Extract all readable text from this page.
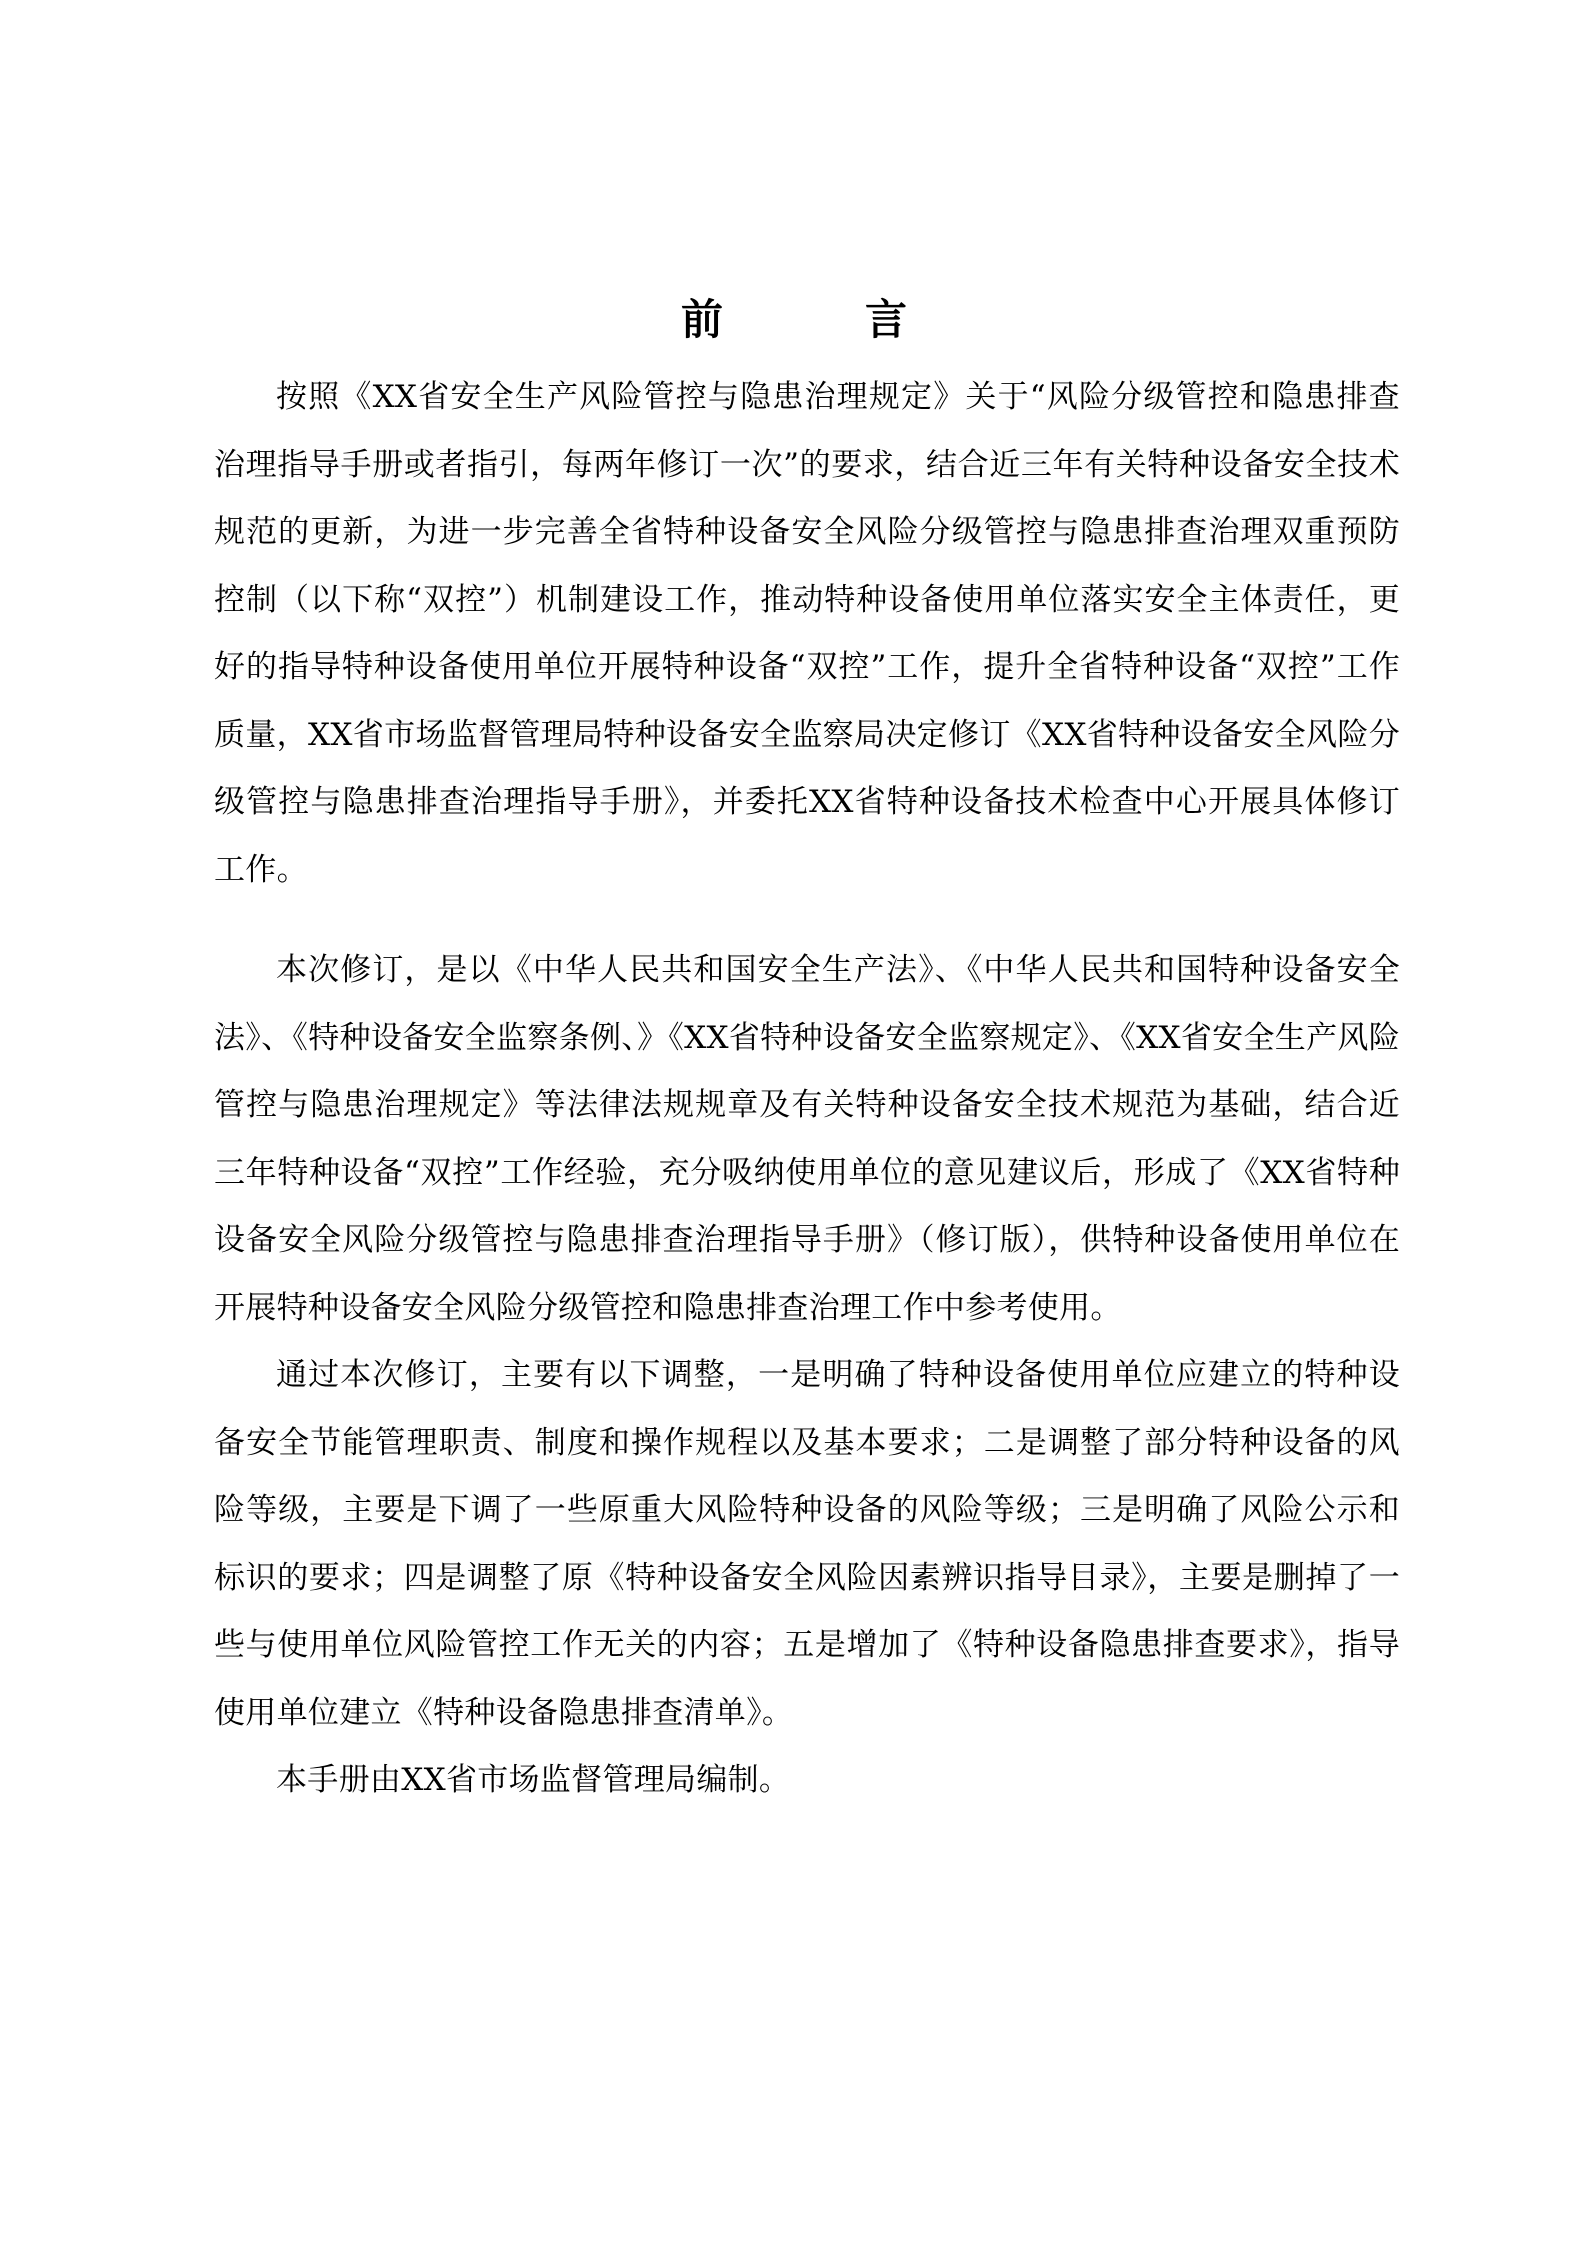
前　言

按照《XX省安全生产风险管控与隐患治理规定》关于“风险分级管控和隐患排查治理指导手册或者指引，每两年修订一次”的要求，结合近三年有关特种设备安全技术规范的更新，为进一步完善全省特种设备安全风险分级管控与隐患排查治理双重预防控制（以下称“双控”）机制建设工作，推动特种设备使用单位落实安全主体责任，更好的指导特种设备使用单位开展特种设备“双控”工作，提升全省特种设备“双控”工作质量，XX省市场监督管理局特种设备安全监察局决定修订《XX省特种设备安全风险分级管控与隐患排查治理指导手册》，并委托XX省特种设备技术检查中心开展具体修订工作。

本次修订，是以《中华人民共和国安全生产法》、《中华人民共和国特种设备安全法》、《特种设备安全监察条例、》《XX省特种设备安全监察规定》、《XX省安全生产风险管控与隐患治理规定》等法律法规规章及有关特种设备安全技术规范为基础，结合近三年特种设备“双控”工作经验，充分吸纳使用单位的意见建议后，形成了《XX省特种设备安全风险分级管控与隐患排查治理指导手册》（修订版），供特种设备使用单位在开展特种设备安全风险分级管控和隐患排查治理工作中参考使用。

通过本次修订，主要有以下调整，一是明确了特种设备使用单位应建立的特种设备安全节能管理职责、制度和操作规程以及基本要求；二是调整了部分特种设备的风险等级，主要是下调了一些原重大风险特种设备的风险等级；三是明确了风险公示和标识的要求；四是调整了原《特种设备安全风险因素辨识指导目录》，主要是删掉了一些与使用单位风险管控工作无关的内容；五是增加了《特种设备隐患排查要求》，指导使用单位建立《特种设备隐患排查清单》。

本手册由XX省市场监督管理局编制。
